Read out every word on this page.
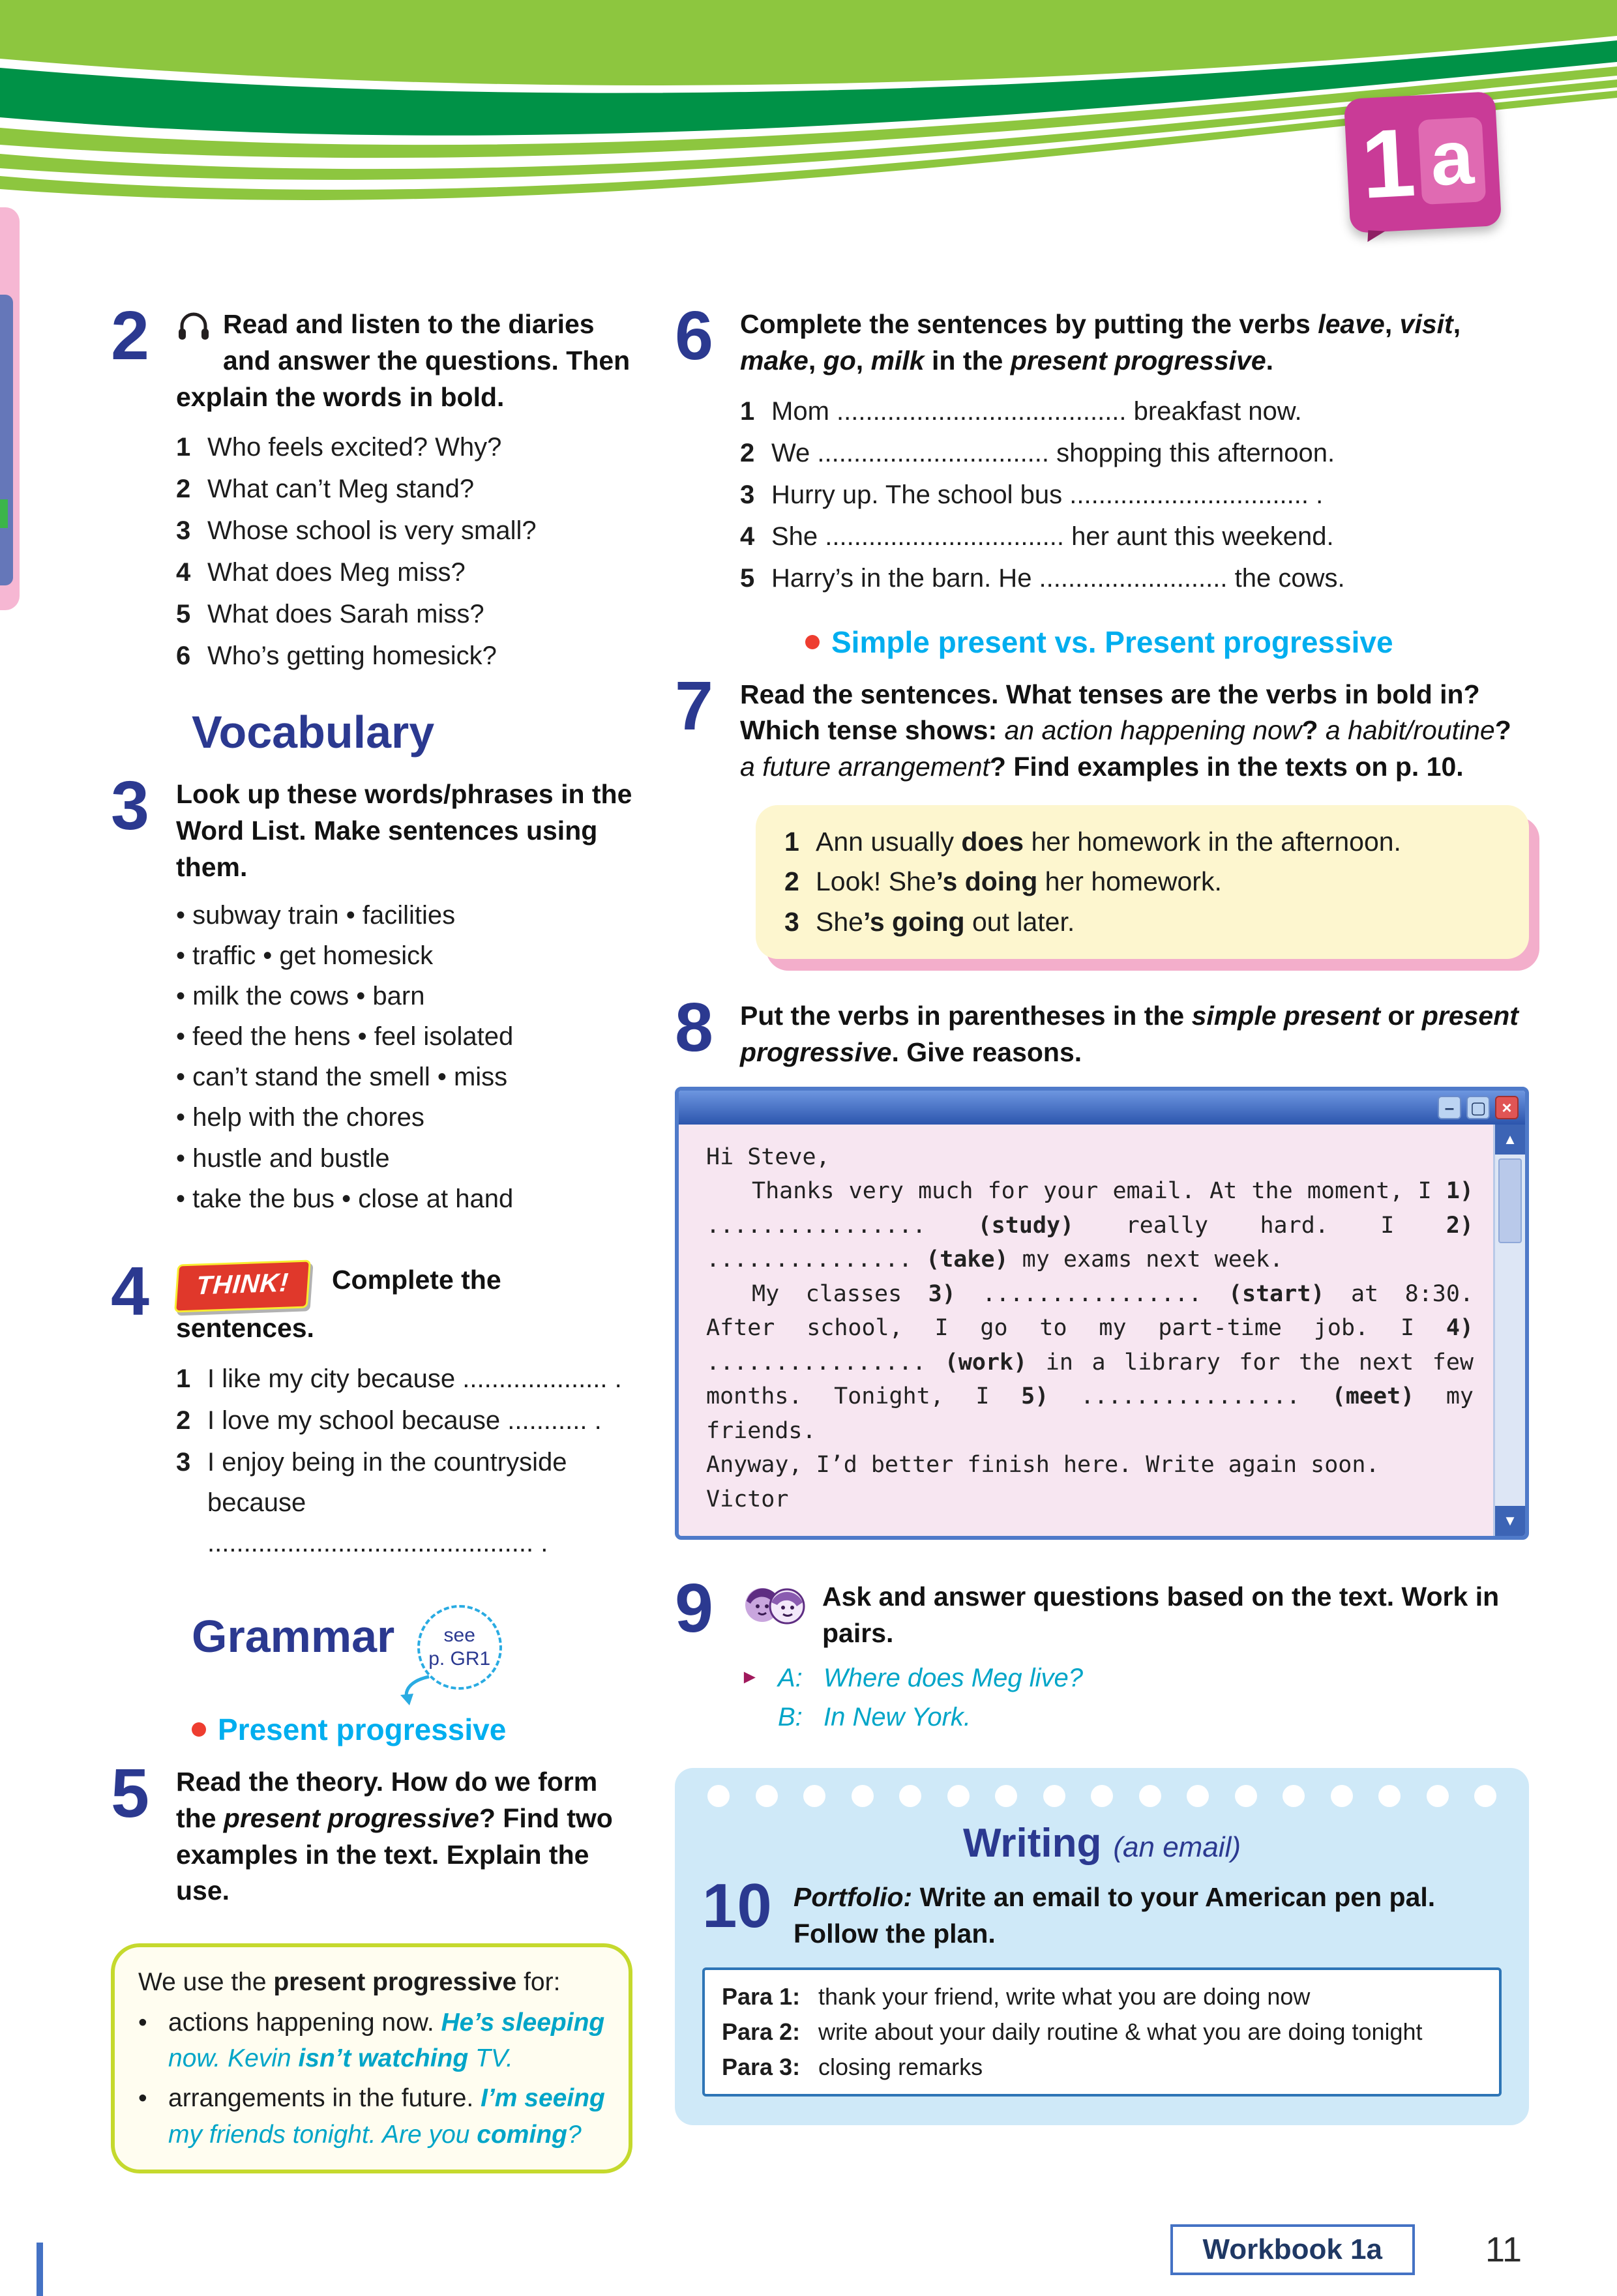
1 a
2	Read and listen to the diaries and answer the questions. Then explain the words in bold.
1 Who feels excited? Why?
2 What can’t Meg stand?
3 Whose school is very small?
4 What does Meg miss?
5 What does Sarah miss?
6 Who’s getting homesick?
Vocabulary
3	Look up these words/phrases in the Word List. Make sentences using them.
• subway train • facilities
• traffic • get homesick
• milk the cows • barn
• feed the hens • feel isolated
• can’t stand the smell • miss
• help with the chores
• hustle and bustle
• take the bus • close at hand
4	THINK! Complete the sentences.
1 I like my city because .................... .
2 I love my school because ........... .
3 I enjoy being in the countryside because ............................................. .
Grammar	see
p. GR1
Present progressive
5	Read the theory. How do we form the present progressive? Find two examples in the text. Explain the use.
We use the present progressive for:
• actions happening now. He’s sleeping now. Kevin isn’t watching TV.
• arrangements in the future. I’m seeing my friends tonight. Are you coming?
6	Complete the sentences by putting the verbs leave, visit, make, go, milk in the present progressive.
1 Mom ........................................ breakfast now.
2 We ................................ shopping this afternoon.
3 Hurry up. The school bus ................................. .
4 She ................................. her aunt this weekend.
5 Harry’s in the barn. He .......................... the cows.
Simple present vs. Present progressive
7	Read the sentences. What tenses are the verbs in bold in? Which tense shows: an action happening now? a habit/routine? a future arrangement? Find examples in the texts on p. 10.
1 Ann usually does her homework in the afternoon.
2 Look! She’s doing her homework.
3 She’s going out later.
8	Put the verbs in parentheses in the simple present or present progressive. Give reasons.
– ▢ ×

Hi Steve,

Thanks very much for your email. At the moment, I 1) ................ (study) really hard. I 2) ............... (take) my exams next week.

My classes 3) ................ (start) at 8:30. After school, I go to my part-time job. I 4) ................ (work) in a library for the next few months. Tonight, I 5) ................ (meet) my friends.

Anyway, I’d better finish here. Write again soon.

Victor

▲
▼
9	Ask and answer questions based on the text. Work in pairs.
► A: Where does Meg live?
B: In New York.
Writing (an email)
10 Portfolio: Write an email to your American pen pal. Follow the plan.
Para 1: thank your friend, write what you are doing now
Para 2: write about your daily routine & what you are doing tonight
Para 3: closing remarks
Workbook 1a	11
